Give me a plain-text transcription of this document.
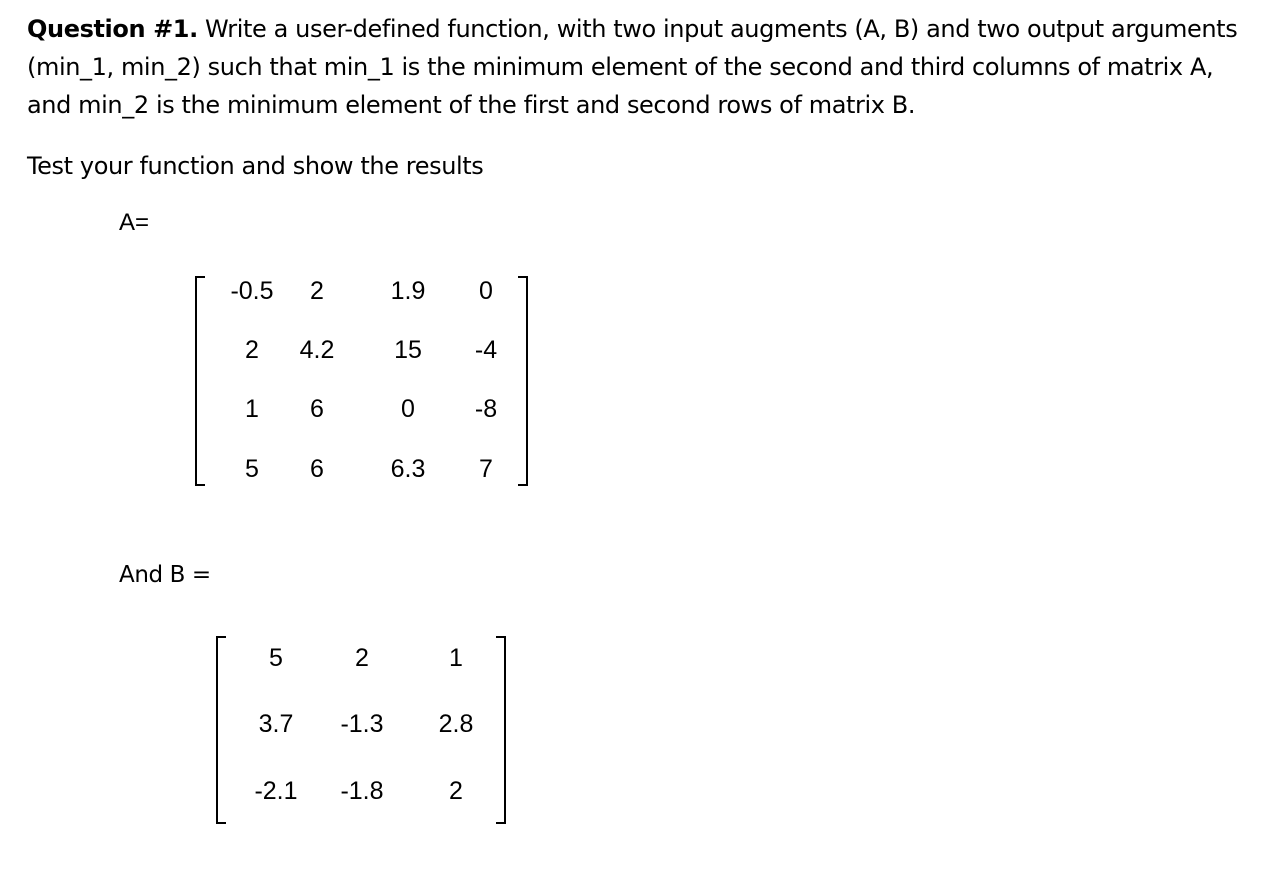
Question #1. Write a user-defined function, with two input augments (A, B) and two output arguments (min_1, min_2) such that min_1 is the minimum element of the second and third columns of matrix A, and min_2 is the minimum element of the first and second rows of matrix B.

Test your function and show the results

A=
-0.5 2	1.9 0
2 4.2 15 -4
1 6	0 -8
5 6	6.3 7
And B =
5	2	1
3.7 -1.3 2.8
-2.1 -1.8	2
